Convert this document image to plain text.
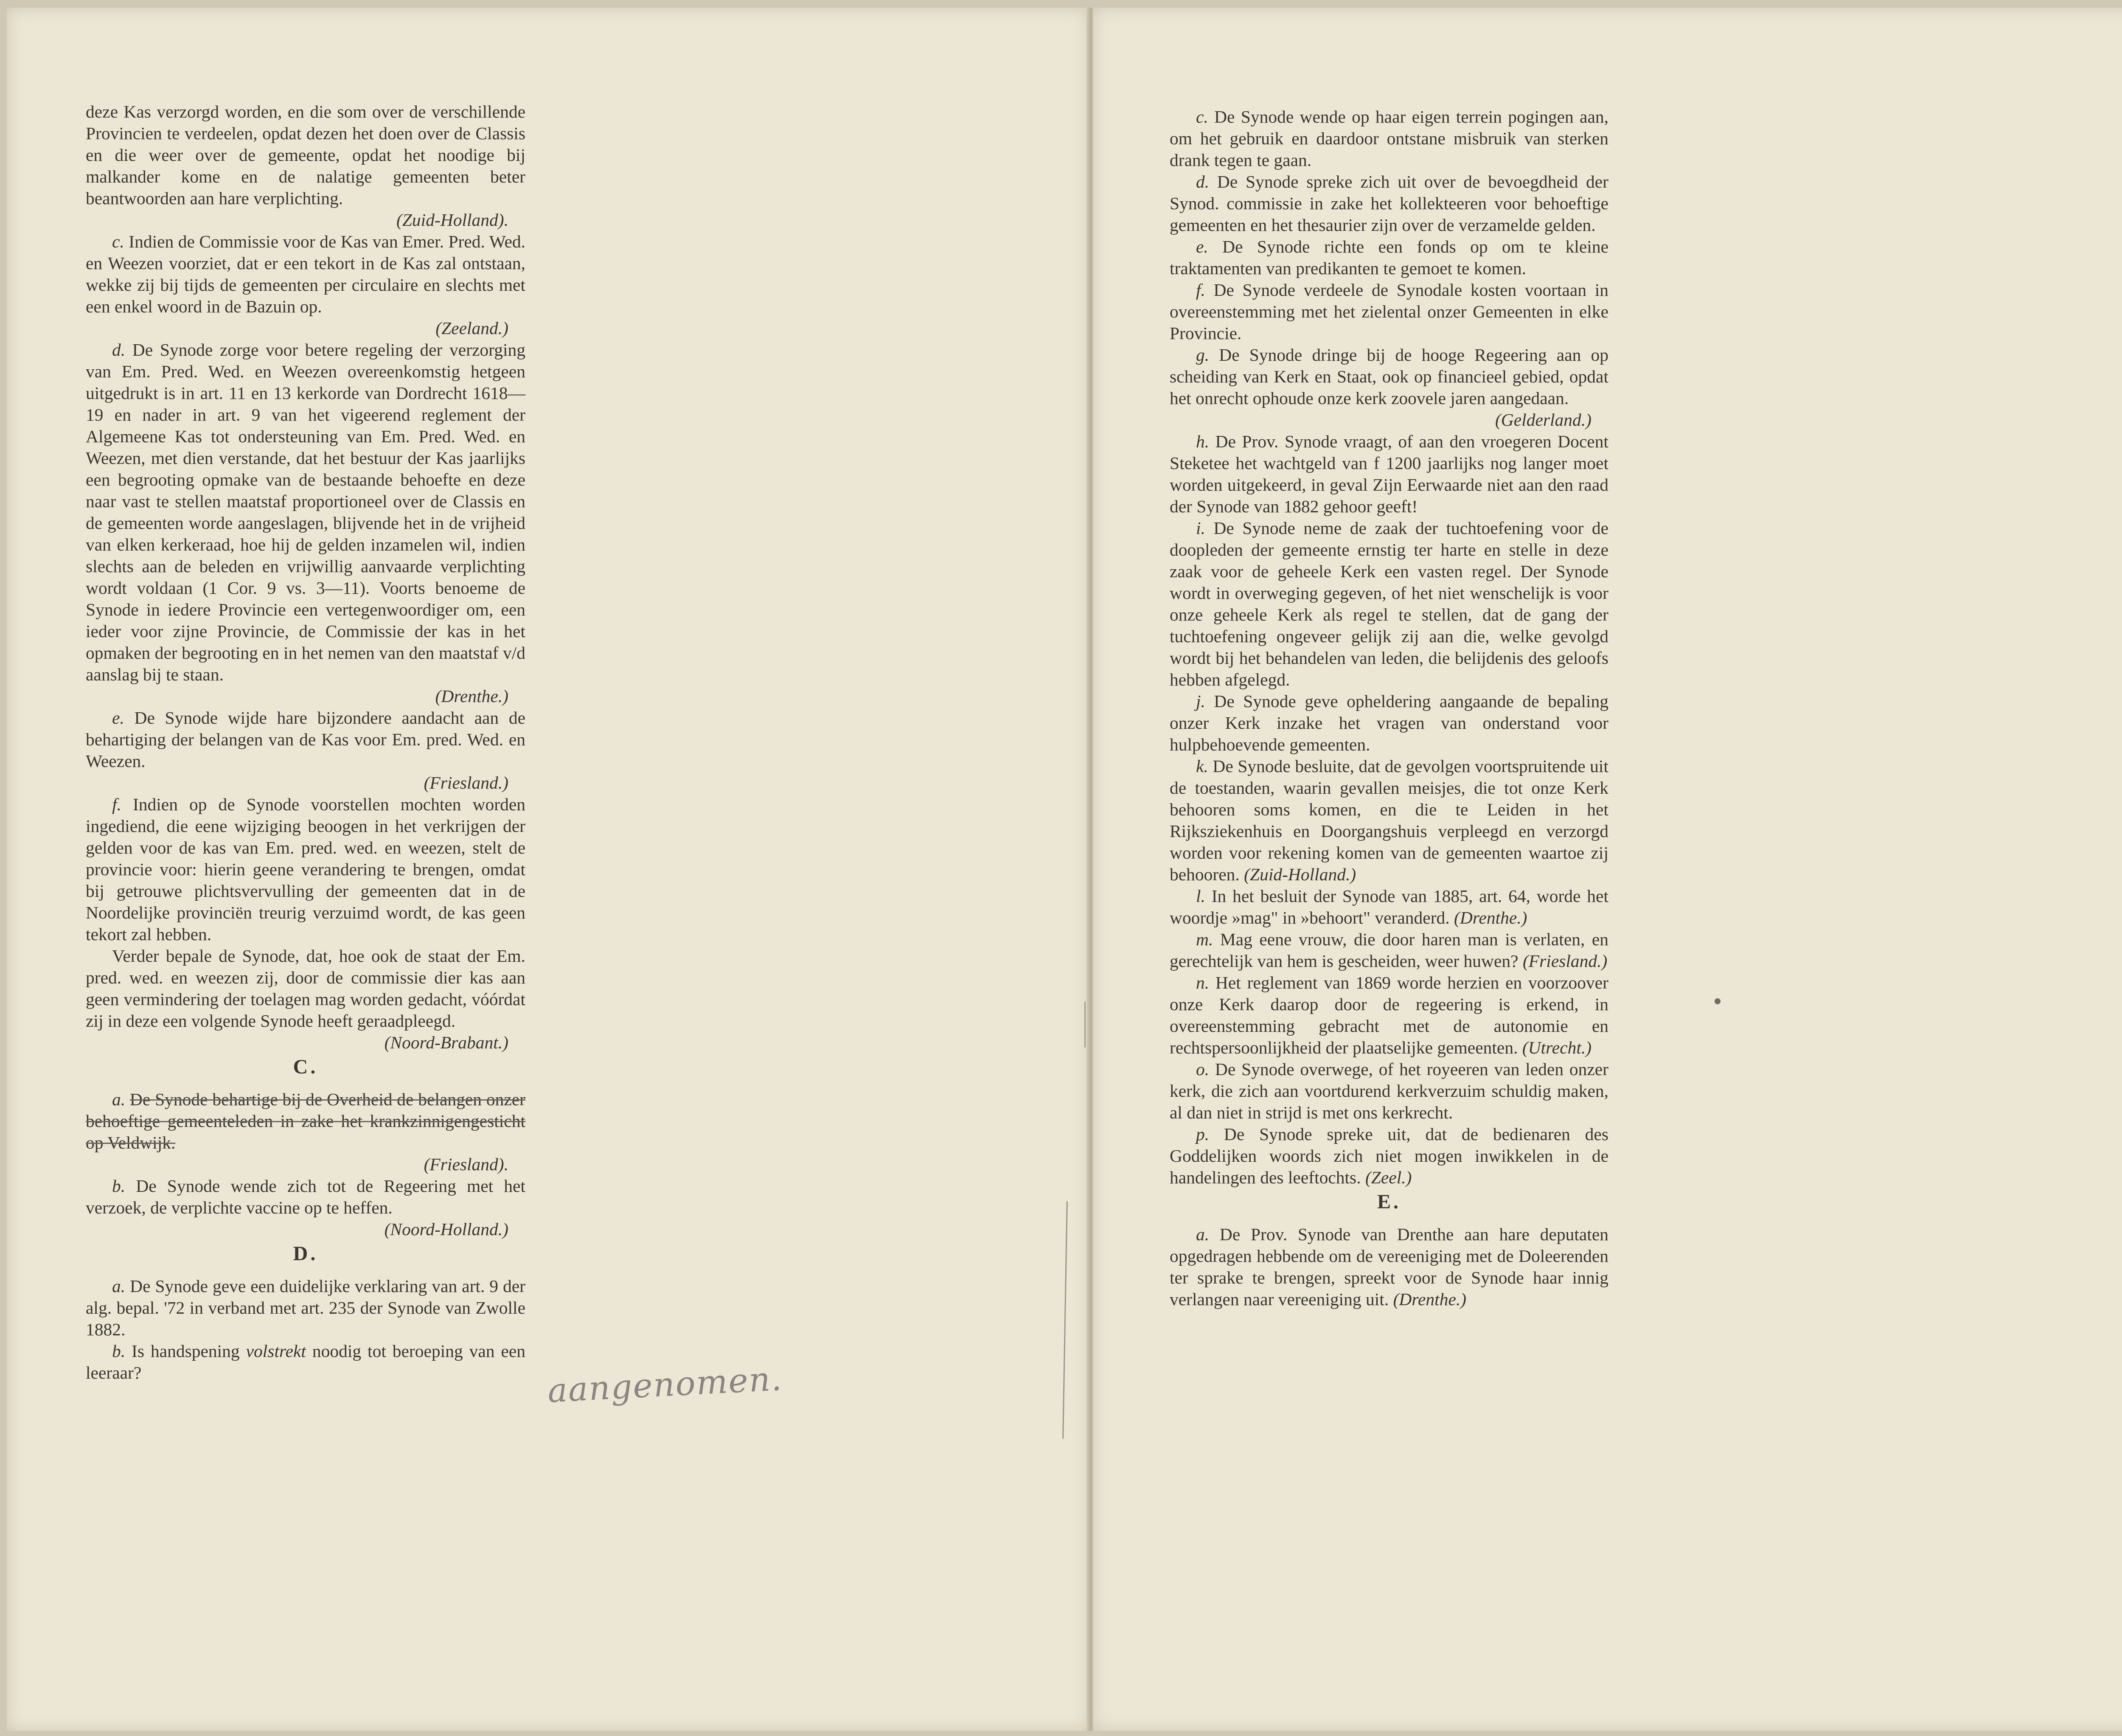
aangenomen.

deze Kas verzorgd worden, en die som over de verschillende Provincien te verdeelen, opdat dezen het doen over de Classis en die weer over de gemeente, opdat het noodige bij malkander kome en de nalatige gemeenten beter beantwoorden aan hare verplichting.

(Zuid-Holland).

c. Indien de Commissie voor de Kas van Emer. Pred. Wed. en Weezen voorziet, dat er een tekort in de Kas zal ontstaan, wekke zij bij tijds de gemeenten per circulaire en slechts met een enkel woord in de Bazuin op.

(Zeeland.)

d. De Synode zorge voor betere regeling der verzorging van Em. Pred. Wed. en Weezen overeenkomstig hetgeen uitgedrukt is in art. 11 en 13 kerkorde van Dordrecht 1618—19 en nader in art. 9 van het vigeerend reglement der Algemeene Kas tot ondersteuning van Em. Pred. Wed. en Weezen, met dien verstande, dat het bestuur der Kas jaarlijks een begrooting opmake van de bestaande behoefte en deze naar vast te stellen maatstaf proportioneel over de Classis en de gemeenten worde aangeslagen, blijvende het in de vrijheid van elken kerkeraad, hoe hij de gelden inzamelen wil, indien slechts aan de beleden en vrijwillig aanvaarde verplichting wordt voldaan (1 Cor. 9 vs. 3—11). Voorts benoeme de Synode in iedere Provincie een vertegenwoordiger om, een ieder voor zijne Provincie, de Commissie der kas in het opmaken der begrooting en in het nemen van den maatstaf v/d aanslag bij te staan.

(Drenthe.)

e. De Synode wijde hare bijzondere aandacht aan de behartiging der belangen van de Kas voor Em. pred. Wed. en Weezen.

(Friesland.)

f. Indien op de Synode voorstellen mochten worden ingediend, die eene wijziging beoogen in het verkrijgen der gelden voor de kas van Em. pred. wed. en weezen, stelt de provincie voor: hierin geene verandering te brengen, omdat bij getrouwe plichtsvervulling der gemeenten dat in de Noordelijke provinciën treurig verzuimd wordt, de kas geen tekort zal hebben.

Verder bepale de Synode, dat, hoe ook de staat der Em. pred. wed. en weezen zij, door de commissie dier kas aan geen vermindering der toelagen mag worden gedacht, vóórdat zij in deze een volgende Synode heeft geraadpleegd.

(Noord-Brabant.)

C.

a. De Synode behartige bij de Overheid de belangen onzer behoeftige gemeenteleden in zake het krankzinnigengesticht op Veldwijk.

(Friesland).

b. De Synode wende zich tot de Regeering met het verzoek, de verplichte vaccine op te heffen.

(Noord-Holland.)

D.

a. De Synode geve een duidelijke verklaring van art. 9 der alg. bepal. '72 in verband met art. 235 der Synode van Zwolle 1882.

b. Is handspening volstrekt noodig tot beroeping van een leeraar?

c. De Synode wende op haar eigen terrein pogingen aan, om het gebruik en daardoor ontstane misbruik van sterken drank tegen te gaan.

d. De Synode spreke zich uit over de bevoegdheid der Synod. commissie in zake het kollekteeren voor behoeftige gemeenten en het thesaurier zijn over de verzamelde gelden.

e. De Synode richte een fonds op om te kleine traktamenten van predikanten te gemoet te komen.

f. De Synode verdeele de Synodale kosten voortaan in overeenstemming met het zielental onzer Gemeenten in elke Provincie.

g. De Synode dringe bij de hooge Regeering aan op scheiding van Kerk en Staat, ook op financieel gebied, opdat het onrecht ophoude onze kerk zoovele jaren aangedaan.

(Gelderland.)

h. De Prov. Synode vraagt, of aan den vroegeren Docent Steketee het wachtgeld van f 1200 jaarlijks nog langer moet worden uitgekeerd, in geval Zijn Eerwaarde niet aan den raad der Synode van 1882 gehoor geeft!

i. De Synode neme de zaak der tuchtoefening voor de doopleden der gemeente ernstig ter harte en stelle in deze zaak voor de geheele Kerk een vasten regel. Der Synode wordt in overweging gegeven, of het niet wenschelijk is voor onze geheele Kerk als regel te stellen, dat de gang der tuchtoefening ongeveer gelijk zij aan die, welke gevolgd wordt bij het behandelen van leden, die belijdenis des geloofs hebben afgelegd.

j. De Synode geve opheldering aangaande de bepaling onzer Kerk inzake het vragen van onderstand voor hulpbehoevende gemeenten.

k. De Synode besluite, dat de gevolgen voortspruitende uit de toestanden, waarin gevallen meisjes, die tot onze Kerk behooren soms komen, en die te Leiden in het Rijksziekenhuis en Doorgangshuis verpleegd en verzorgd worden voor rekening komen van de gemeenten waartoe zij behooren. (Zuid-Holland.)

l. In het besluit der Synode van 1885, art. 64, worde het woordje »mag" in »behoort" veranderd. (Drenthe.)

m. Mag eene vrouw, die door haren man is verlaten, en gerechtelijk van hem is gescheiden, weer huwen? (Friesland.)

n. Het reglement van 1869 worde herzien en voorzoover onze Kerk daarop door de regeering is erkend, in overeenstemming gebracht met de autonomie en rechtspersoonlijkheid der plaatselijke gemeenten. (Utrecht.)

o. De Synode overwege, of het royeeren van leden onzer kerk, die zich aan voortdurend kerkverzuim schuldig maken, al dan niet in strijd is met ons kerkrecht.

p. De Synode spreke uit, dat de bedienaren des Goddelijken woords zich niet mogen inwikkelen in de handelingen des leeftochts. (Zeel.)

E.

a. De Prov. Synode van Drenthe aan hare deputaten opgedragen hebbende om de vereeniging met de Doleerenden ter sprake te brengen, spreekt voor de Synode haar innig verlangen naar vereeniging uit. (Drenthe.)
